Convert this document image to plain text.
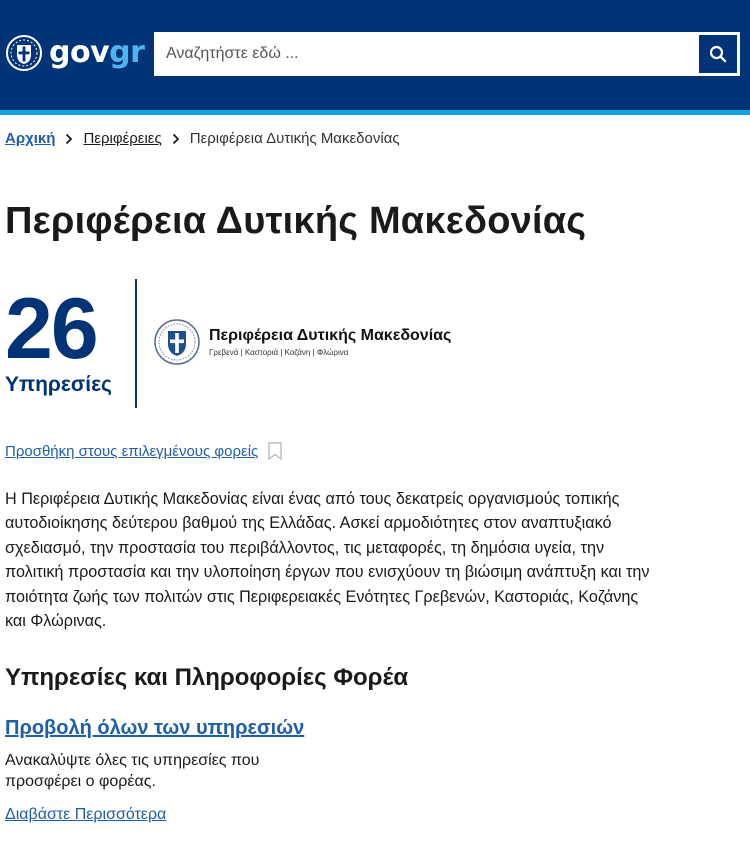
govgr
Αναζητήστε εδώ ...
Αρχική Περιφέρειες Περιφέρεια Δυτικής Μακεδονίας
Περιφέρεια Δυτικής Μακεδονίας
26
Υπηρεσίες
Περιφέρεια Δυτικής Μακεδονίας
Γρεβενά | Καστοριά | Κοζάνη | Φλώρινα
Προσθήκη στους επιλεγμένους φορείς

Η Περιφέρεια Δυτικής Μακεδονίας είναι ένας από τους δεκατρείς οργανισμούς τοπικής αυτοδιοίκησης δεύτερου βαθμού της Ελλάδας. Ασκεί αρμοδιότητες στον αναπτυξιακό σχεδιασμό, την προστασία του περιβάλλοντος, τις μεταφορές, τη δημόσια υγεία, την πολιτική προστασία και την υλοποίηση έργων που ενισχύουν τη βιώσιμη ανάπτυξη και την ποιότητα ζωής των πολιτών στις Περιφερειακές Ενότητες Γρεβενών, Καστοριάς, Κοζάνης και Φλώρινας.

Υπηρεσίες και Πληροφορίες Φορέα
Προβολή όλων των υπηρεσιών

Ανακαλύψτε όλες τις υπηρεσίες που προσφέρει ο φορέας.

Διαβάστε Περισσότερα
